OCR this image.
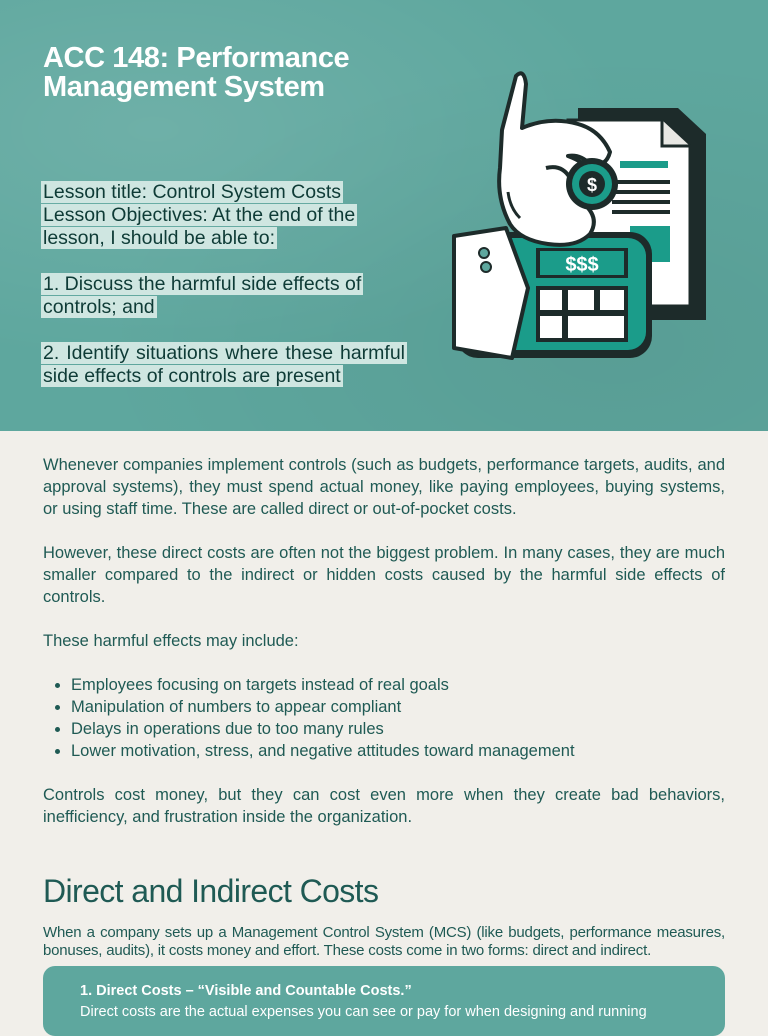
ACC 148: Performance
Management System

Lesson title: Control System Costs
Lesson Objectives: At the end of the lesson, I should be able to:

1. Discuss the harmful side effects of controls; and

2. Identify situations where these harmful side effects of controls are present

$$$
$

Whenever companies implement controls (such as budgets, performance targets, audits, and approval systems), they must spend actual money, like paying employees, buying systems, or using staff time. These are called direct or out-of-pocket costs.

However, these direct costs are often not the biggest problem. In many cases, they are much smaller compared to the indirect or hidden costs caused by the harmful side effects of controls.

These harmful effects may include:

• Employees focusing on targets instead of real goals
• Manipulation of numbers to appear compliant
• Delays in operations due to too many rules
• Lower motivation, stress, and negative attitudes toward management

Controls cost money, but they can cost even more when they create bad behaviors, inefficiency, and frustration inside the organization.

Direct and Indirect Costs

When a company sets up a Management Control System (MCS) (like budgets, performance measures, bonuses, audits), it costs money and effort. These costs come in two forms: direct and indirect.

1. Direct Costs – “Visible and Countable Costs.”
Direct costs are the actual expenses you can see or pay for when designing and running
